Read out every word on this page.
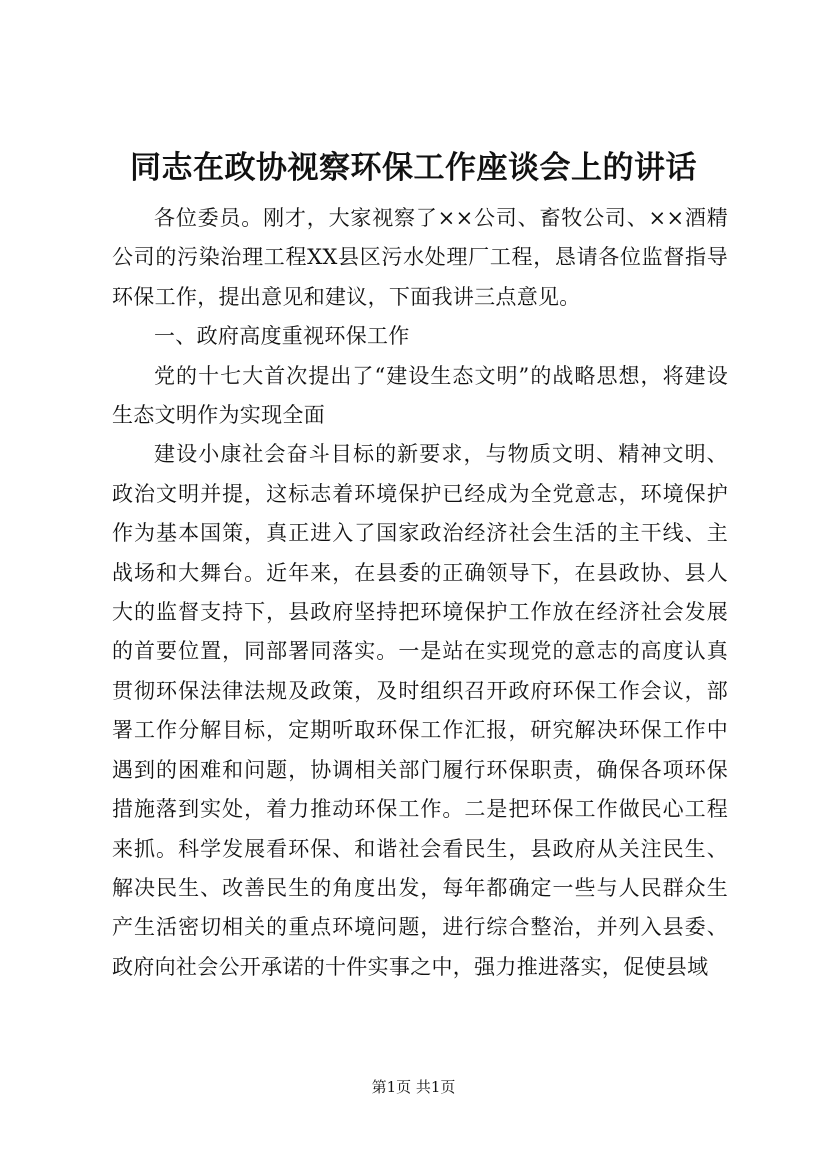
同志在政协视察环保工作座谈会上的讲话

各位委员。刚才，大家视察了××公司、畜牧公司、××酒精公司的污染治理工程XX县区污水处理厂工程，恳请各位监督指导环保工作，提出意见和建议，下面我讲三点意见。

一、政府高度重视环保工作

党的十七大首次提出了“建设生态文明”的战略思想，将建设生态文明作为实现全面

建设小康社会奋斗目标的新要求，与物质文明、精神文明、政治文明并提，这标志着环境保护已经成为全党意志，环境保护作为基本国策，真正进入了国家政治经济社会生活的主干线、主战场和大舞台。近年来，在县委的正确领导下，在县政协、县人大的监督支持下，县政府坚持把环境保护工作放在经济社会发展的首要位置，同部署同落实。一是站在实现党的意志的高度认真贯彻环保法律法规及政策，及时组织召开政府环保工作会议，部署工作分解目标，定期听取环保工作汇报，研究解决环保工作中遇到的困难和问题，协调相关部门履行环保职责，确保各项环保措施落到实处，着力推动环保工作。二是把环保工作做民心工程来抓。科学发展看环保、和谐社会看民生，县政府从关注民生、解决民生、改善民生的角度出发，每年都确定一些与人民群众生产生活密切相关的重点环境问题，进行综合整治，并列入县委、政府向社会公开承诺的十件实事之中，强力推进落实，促使县域

第1页 共1页
